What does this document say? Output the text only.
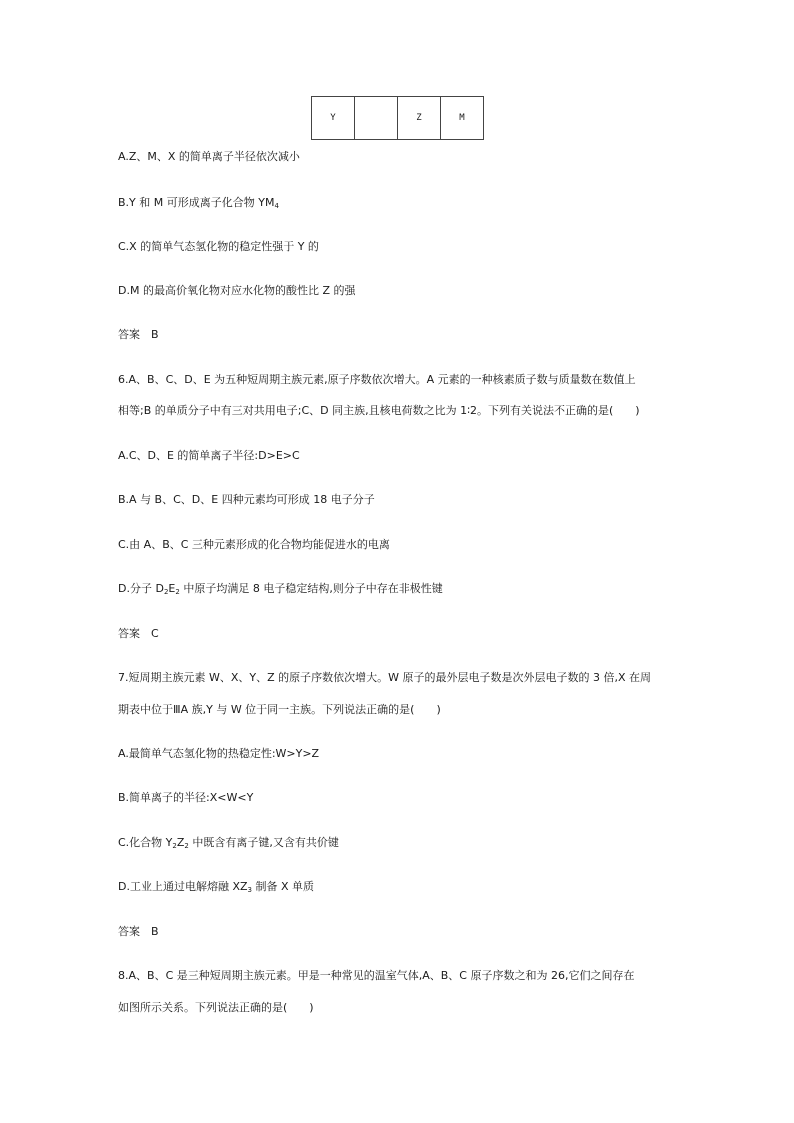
Y		Z	M
A.Z、M、X 的简单离子半径依次减小
B.Y 和 M 可形成离子化合物 $YM_4$
C.X 的简单气态氢化物的稳定性强于 Y 的
D.M 的最高价氧化物对应水化物的酸性比 Z 的强
答案　B
6.A、B、C、D、E 为五种短周期主族元素,原子序数依次增大。A 元素的一种核素质子数与质量数在数值上
相等;B 的单质分子中有三对共用电子;C、D 同主族,且核电荷数之比为 1∶2。下列有关说法不正确的是(　　)
A.C、D、E 的简单离子半径:D>E>C
B.A 与 B、C、D、E 四种元素均可形成 18 电子分子
C.由 A、B、C 三种元素形成的化合物均能促进水的电离
D.分子 $D_2E_2$ 中原子均满足 8 电子稳定结构,则分子中存在非极性键
答案　C
7.短周期主族元素 W、X、Y、Z 的原子序数依次增大。W 原子的最外层电子数是次外层电子数的 3 倍,X 在周
期表中位于ⅢA 族,Y 与 W 位于同一主族。下列说法正确的是(　　)
A.最简单气态氢化物的热稳定性:W>Y>Z
B.简单离子的半径:X<W<Y
C.化合物 $Y_2Z_2$ 中既含有离子键,又含有共价键
D.工业上通过电解熔融 $XZ_3$ 制备 X 单质
答案　B
8.A、B、C 是三种短周期主族元素。甲是一种常见的温室气体,A、B、C 原子序数之和为 26,它们之间存在
如图所示关系。下列说法正确的是(　　)
